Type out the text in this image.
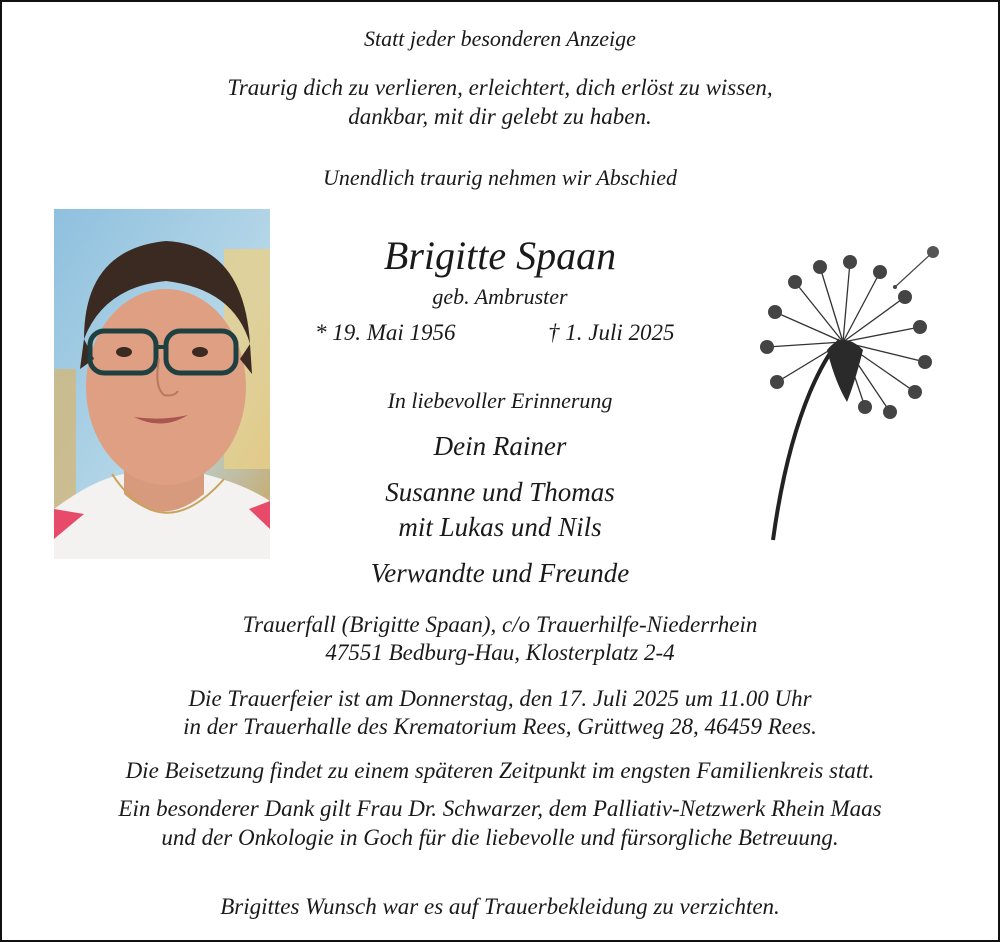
Statt jeder besonderen Anzeige
Traurig dich zu verlieren, erleichtert, dich erlöst zu wissen,
dankbar, mit dir gelebt zu haben.
Unendlich traurig nehmen wir Abschied
Brigitte Spaan
geb. Ambruster
* 19. Mai 1956	† 1. Juli 2025
In liebevoller Erinnerung
Dein Rainer
Susanne und Thomas
mit Lukas und Nils
Verwandte und Freunde
Trauerfall (Brigitte Spaan), c/o Trauerhilfe-Niederrhein
47551 Bedburg-Hau, Klosterplatz 2-4
Die Trauerfeier ist am Donnerstag, den 17. Juli 2025 um 11.00 Uhr
in der Trauerhalle des Krematorium Rees, Grüttweg 28, 46459 Rees.
Die Beisetzung findet zu einem späteren Zeitpunkt im engsten Familienkreis statt.
Ein besonderer Dank gilt Frau Dr. Schwarzer, dem Palliativ-Netzwerk Rhein Maas
und der Onkologie in Goch für die liebevolle und fürsorgliche Betreuung.
Brigittes Wunsch war es auf Trauerbekleidung zu verzichten.
